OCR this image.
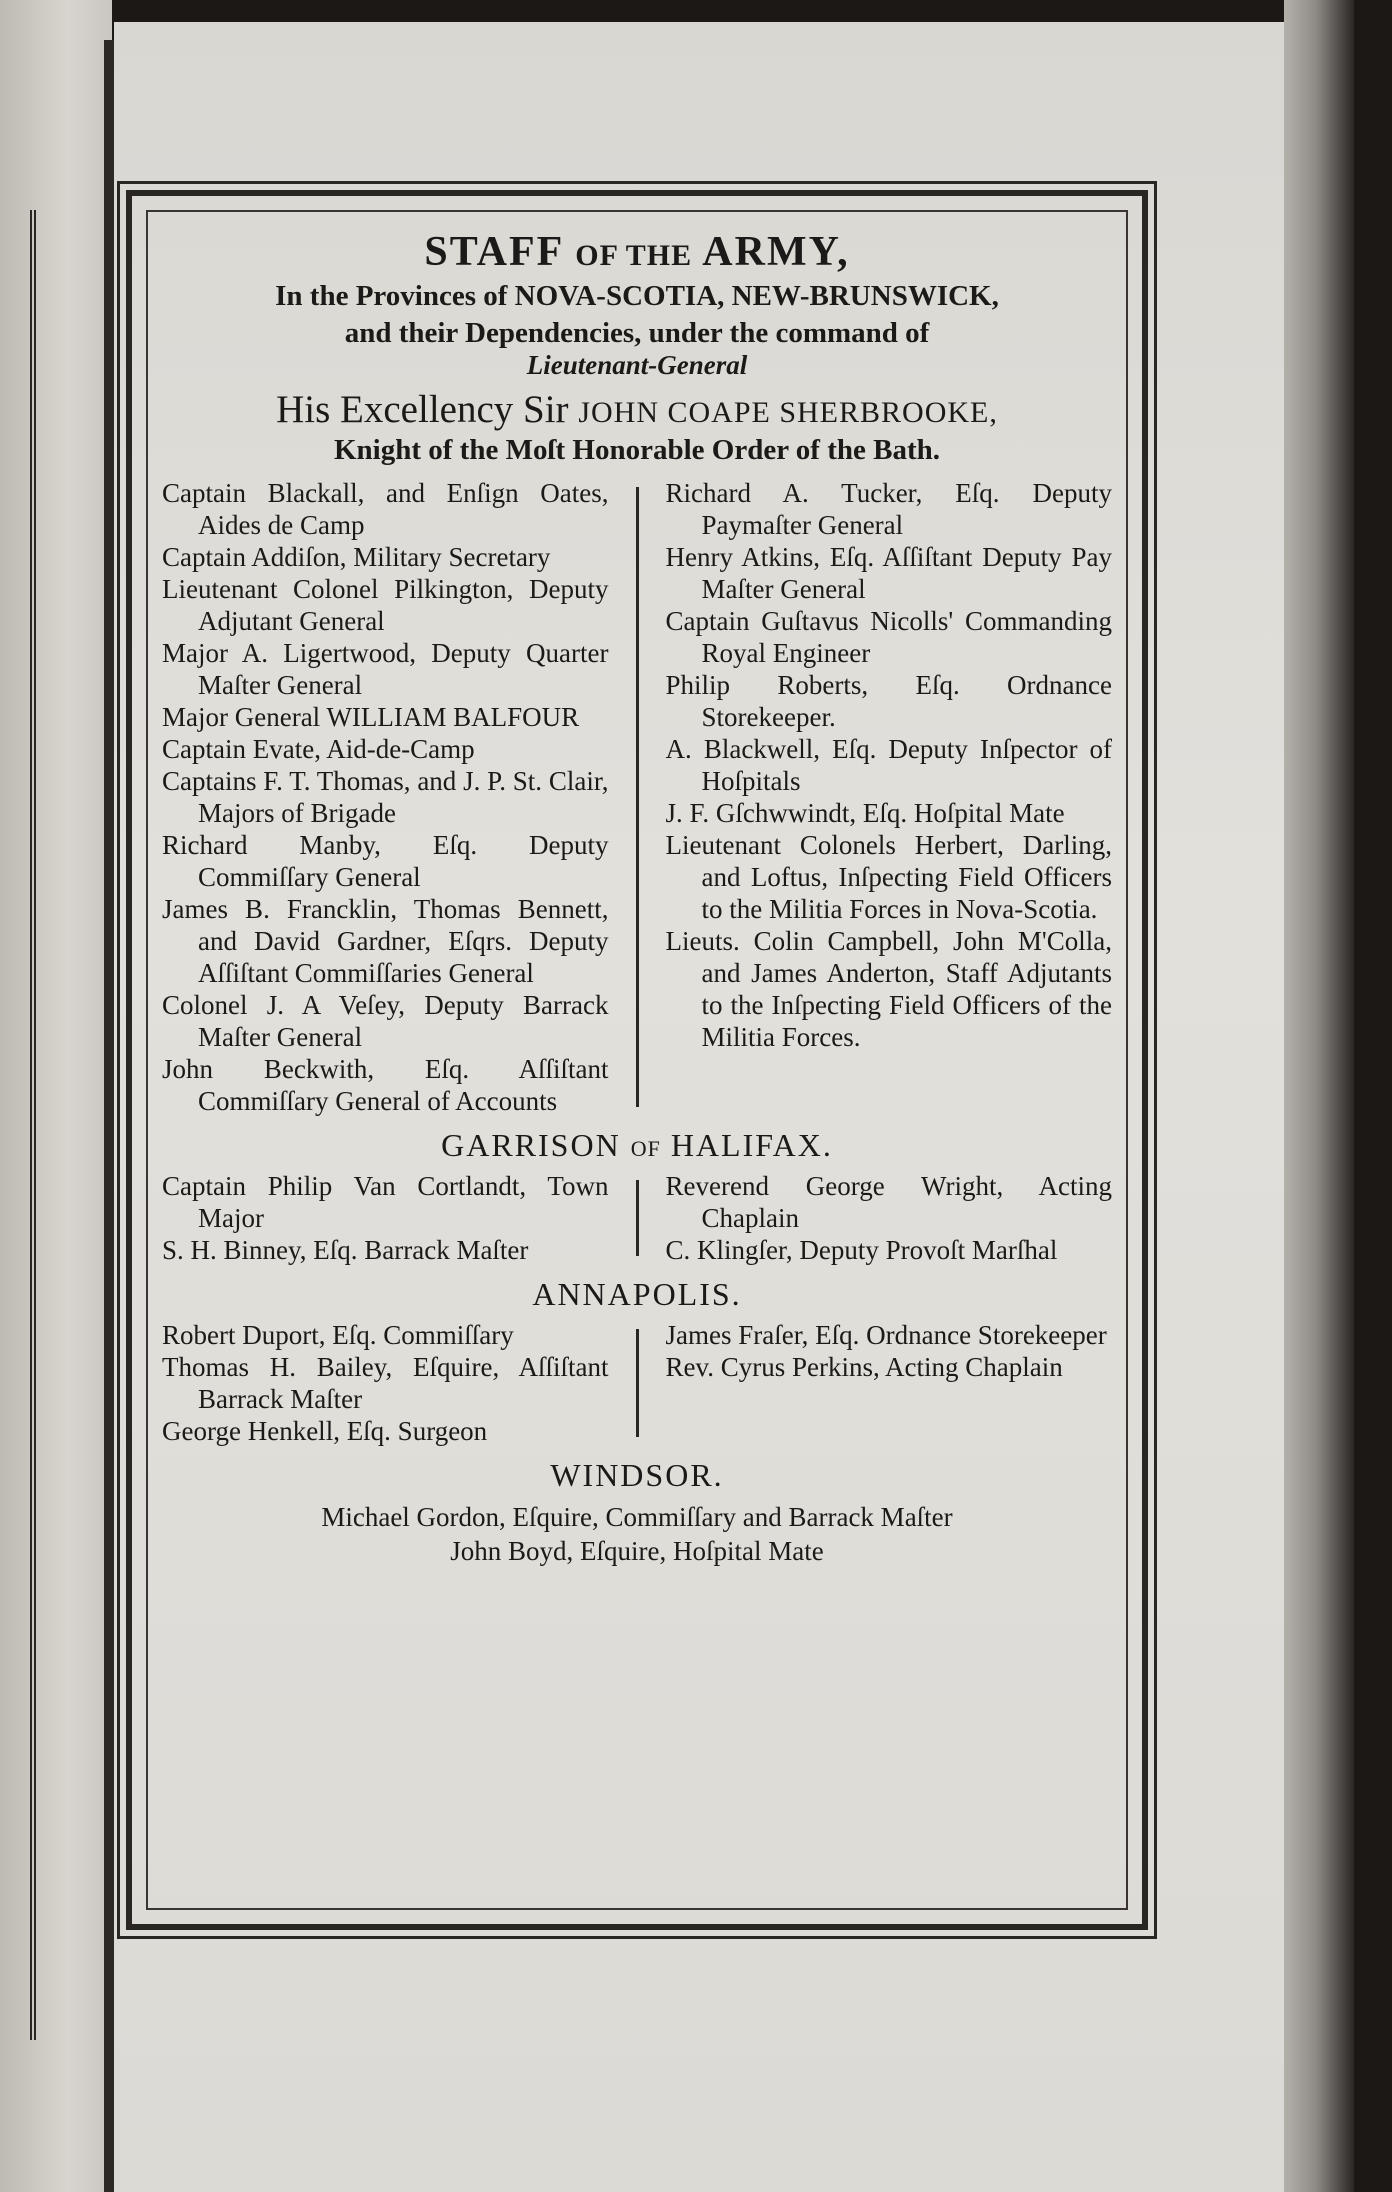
STAFF OF THE ARMY,
In the Provinces of NOVA-SCOTIA, NEW-BRUNSWICK,
and their Dependencies, under the command of
Lieutenant-General
His Excellency Sir JOHN COAPE SHERBROOKE,
Knight of the Moſt Honorable Order of the Bath.

Captain Blackall, and Enſign Oates, Aides de Camp

Captain Addiſon, Military Secretary

Lieutenant Colonel Pilkington, Deputy Adjutant General

Major A. Ligertwood, Deputy Quarter Maſter General

Major General WILLIAM BALFOUR

Captain Evate, Aid-de-Camp

Captains F. T. Thomas, and J. P. St. Clair, Majors of Brigade

Richard Manby, Eſq. Deputy Commiſſary General

James B. Francklin, Thomas Bennett, and David Gardner, Eſqrs. Deputy Aſſiſtant Commiſſaries General

Colonel J. A Veſey, Deputy Barrack Maſter General

John Beckwith, Eſq. Aſſiſtant Commiſſary General of Accounts

Richard A. Tucker, Eſq. Deputy Paymaſter General

Henry Atkins, Eſq. Aſſiſtant Deputy Pay Maſter General

Captain Guſtavus Nicolls' Commanding Royal Engineer

Philip Roberts, Eſq. Ordnance Storekeeper.

A. Blackwell, Eſq. Deputy Inſpector of Hoſpitals

J. F. Gſchwwindt, Eſq. Hoſpital Mate

Lieutenant Colonels Herbert, Darling, and Loftus, Inſpecting Field Officers to the Militia Forces in Nova-Scotia.

Lieuts. Colin Campbell, John M'Colla, and James Anderton, Staff Adjutants to the Inſpecting Field Officers of the Militia Forces.

GARRISON OF HALIFAX.

Captain Philip Van Cortlandt, Town Major

S. H. Binney, Eſq. Barrack Maſter

Reverend George Wright, Acting Chaplain

C. Klingſer, Deputy Provoſt Marſhal

ANNAPOLIS.

Robert Duport, Eſq. Commiſſary

Thomas H. Bailey, Eſquire, Aſſiſtant Barrack Maſter

George Henkell, Eſq. Surgeon

James Fraſer, Eſq. Ordnance Storekeeper

Rev. Cyrus Perkins, Acting Chaplain

WINDSOR.

Michael Gordon, Eſquire, Commiſſary and Barrack Maſter

John Boyd, Eſquire, Hoſpital Mate
